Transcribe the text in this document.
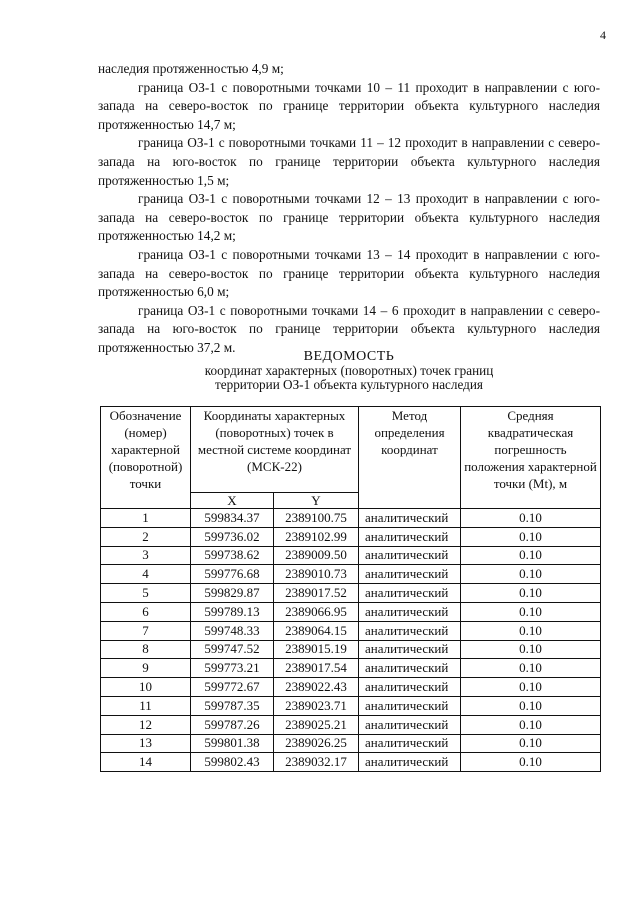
4

наследия протяженностью 4,9 м;

граница ОЗ-1 с поворотными точками 10 – 11 проходит в направлении с юго-запада на северо-восток по границе территории объекта культурного наследия протяженностью 14,7 м;

граница ОЗ-1 с поворотными точками 11 – 12 проходит в направлении с северо-запада на юго-восток по границе территории объекта культурного наследия протяженностью 1,5 м;

граница ОЗ-1 с поворотными точками 12 – 13 проходит в направлении с юго-запада на северо-восток по границе территории объекта культурного наследия протяженностью 14,2 м;

граница ОЗ-1 с поворотными точками 13 – 14 проходит в направлении с юго-запада на северо-восток по границе территории объекта культурного наследия протяженностью 6,0 м;

граница ОЗ-1 с поворотными точками 14 – 6 проходит в направлении с северо-запада на юго-восток по границе территории объекта культурного наследия протяженностью 37,2 м.

ВЕДОМОСТЬ
координат характерных (поворотных) точек границ
территории ОЗ-1 объекта культурного наследия
Обозначение (номер) характерной (поворотной) точки	Координаты характерных (поворотных) точек в местной системе координат (МСК-22)		Метод определения координат	Средняя квадратическая погрешность положения характерной точки (Mt), м
	X	Y		
1	599834.37	2389100.75	аналитический	0.10
2	599736.02	2389102.99	аналитический	0.10
3	599738.62	2389009.50	аналитический	0.10
4	599776.68	2389010.73	аналитический	0.10
5	599829.87	2389017.52	аналитический	0.10
6	599789.13	2389066.95	аналитический	0.10
7	599748.33	2389064.15	аналитический	0.10
8	599747.52	2389015.19	аналитический	0.10
9	599773.21	2389017.54	аналитический	0.10
10	599772.67	2389022.43	аналитический	0.10
11	599787.35	2389023.71	аналитический	0.10
12	599787.26	2389025.21	аналитический	0.10
13	599801.38	2389026.25	аналитический	0.10
14	599802.43	2389032.17	аналитический	0.10
